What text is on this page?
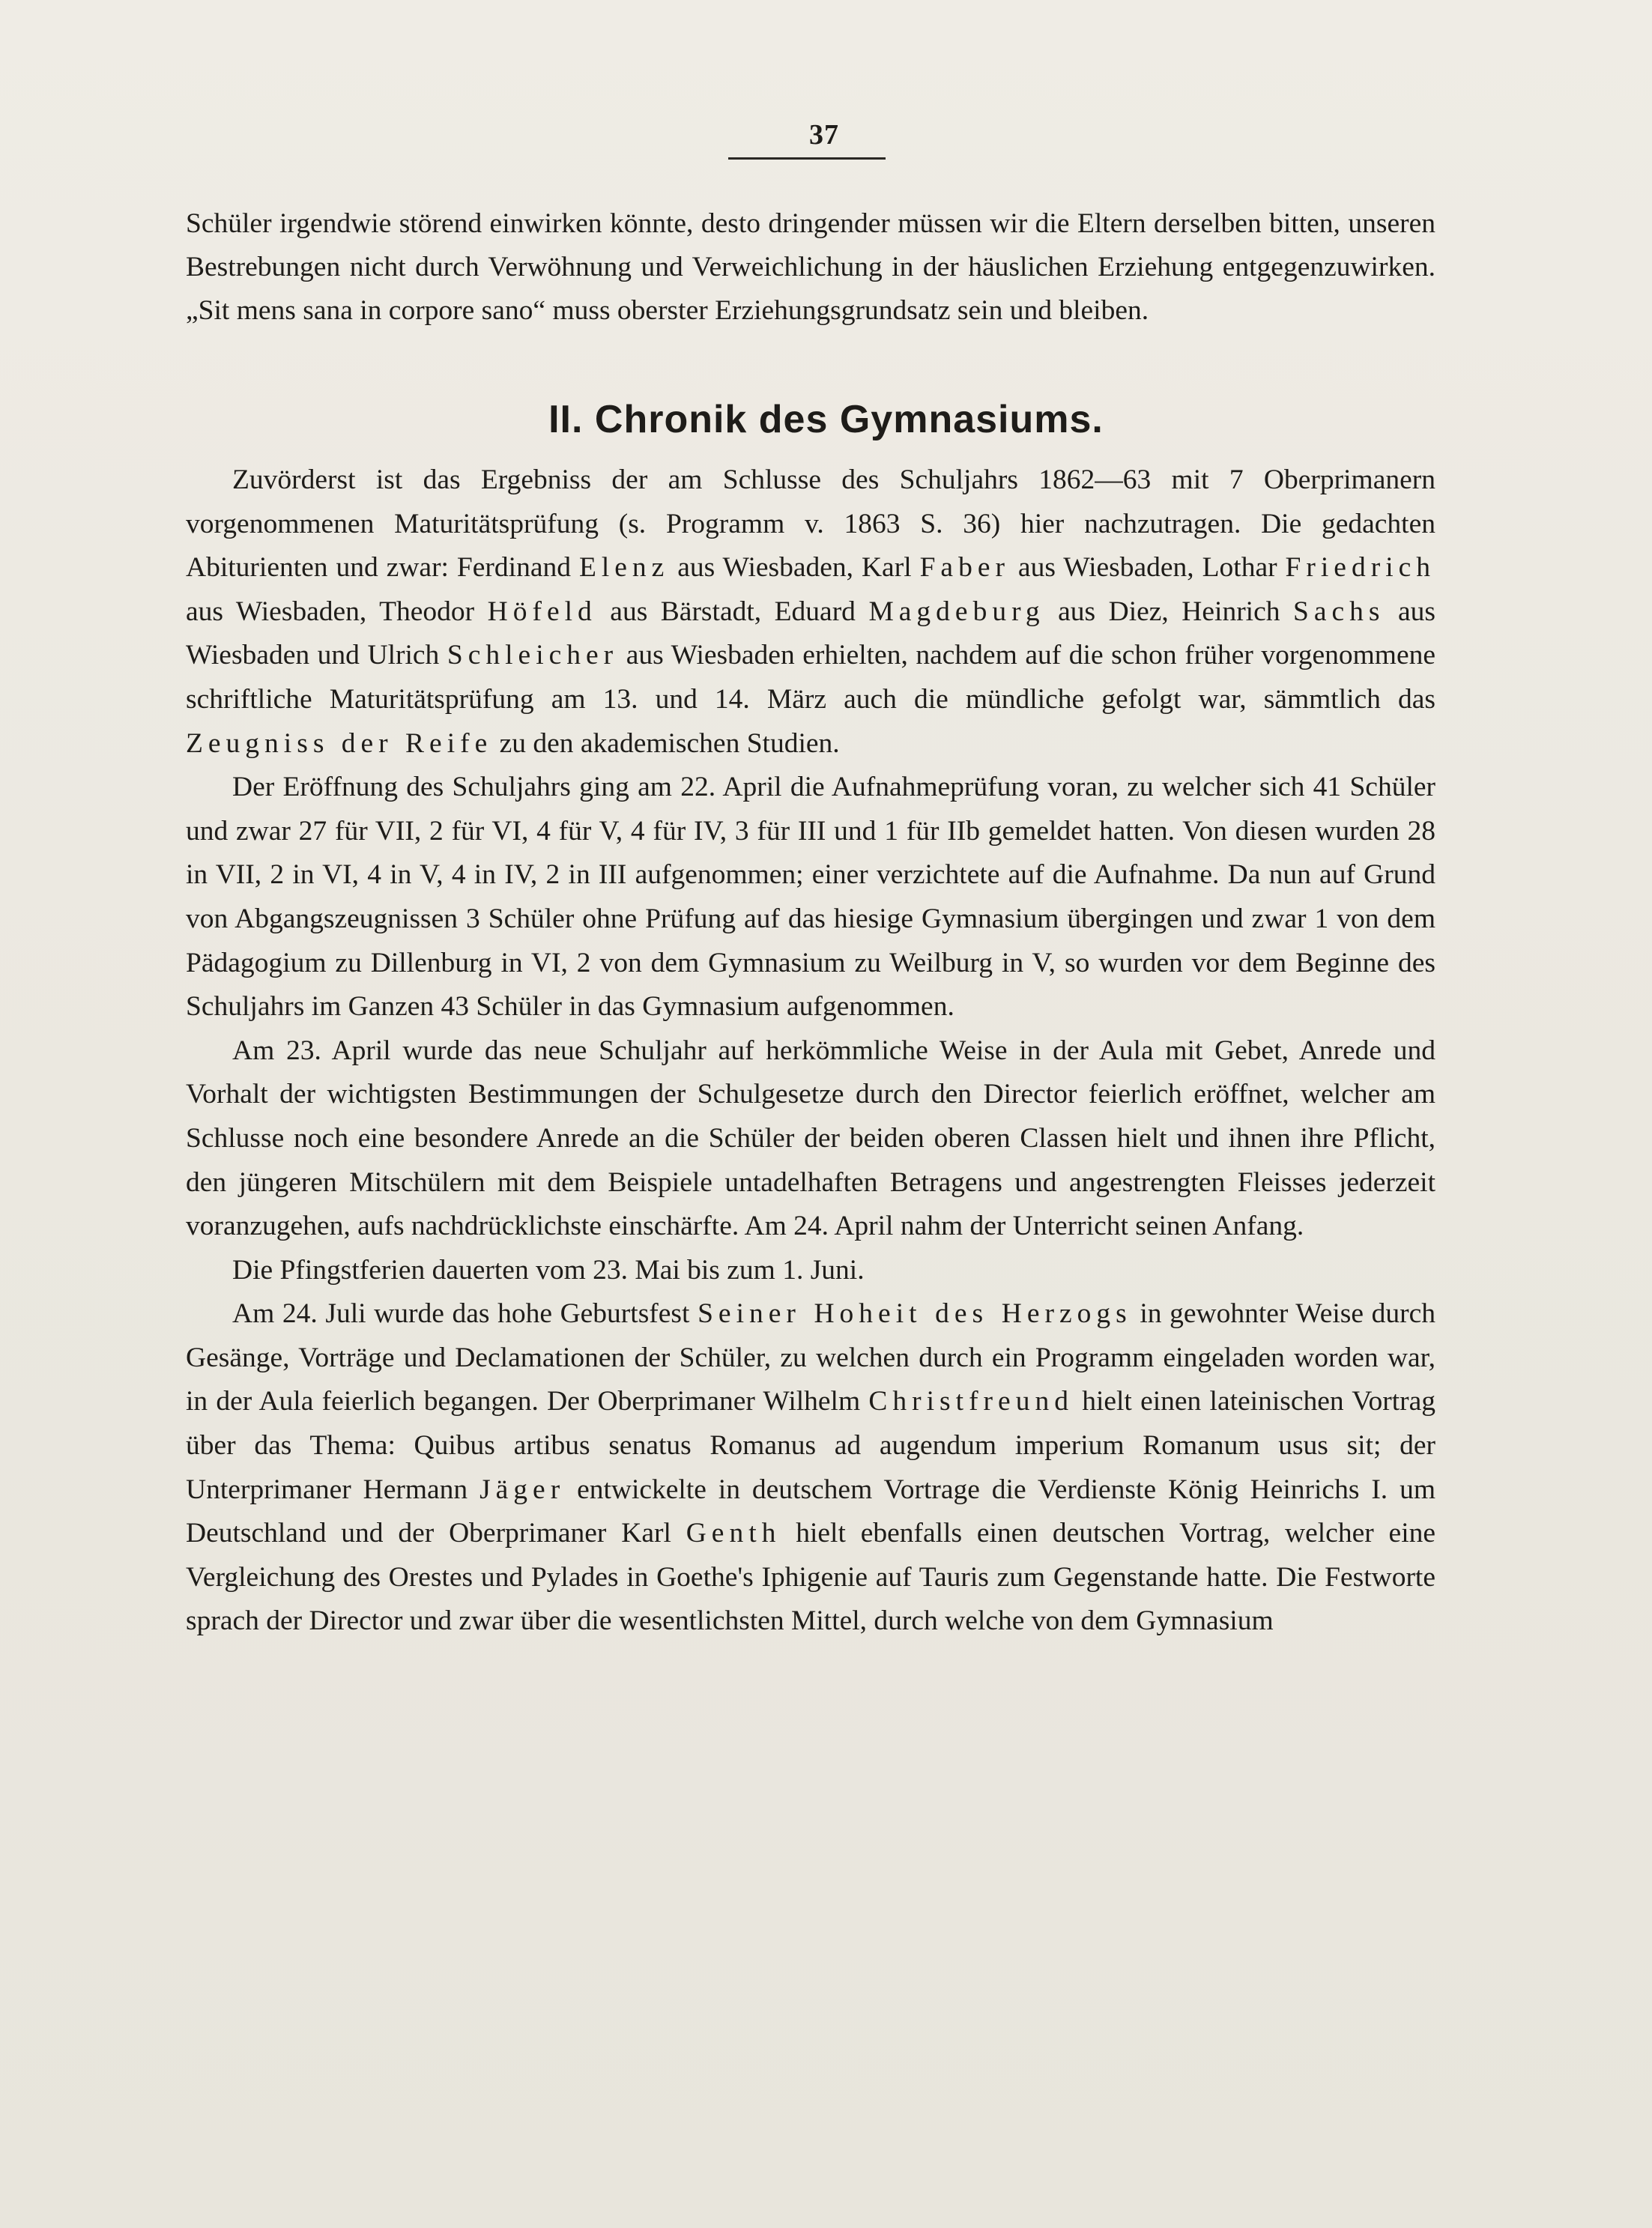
37

Schüler irgendwie störend einwirken könnte, desto dringender müssen wir die Eltern derselben bitten, unseren Bestrebungen nicht durch Verwöhnung und Verweichlichung in der häuslichen Erziehung entgegenzuwirken. „Sit mens sana in corpore sano“ muss oberster Erziehungsgrundsatz sein und bleiben.

II. Chronik des Gymnasiums.

Zuvörderst ist das Ergebniss der am Schlusse des Schuljahrs 1862—63 mit 7 Oberprimanern vorgenommenen Maturitätsprüfung (s. Programm v. 1863 S. 36) hier nachzutragen. Die gedachten Abiturienten und zwar: Ferdinand Elenz aus Wiesbaden, Karl Faber aus Wiesbaden, Lothar Friedrich aus Wiesbaden, Theodor Höfeld aus Bärstadt, Eduard Magdeburg aus Diez, Heinrich Sachs aus Wiesbaden und Ulrich Schleicher aus Wiesbaden erhielten, nachdem auf die schon früher vorgenommene schriftliche Maturitätsprüfung am 13. und 14. März auch die mündliche gefolgt war, sämmtlich das Zeugniss der Reife zu den akademischen Studien.

Der Eröffnung des Schuljahrs ging am 22. April die Aufnahmeprüfung voran, zu welcher sich 41 Schüler und zwar 27 für VII, 2 für VI, 4 für V, 4 für IV, 3 für III und 1 für IIb gemeldet hatten. Von diesen wurden 28 in VII, 2 in VI, 4 in V, 4 in IV, 2 in III aufgenommen; einer verzichtete auf die Aufnahme. Da nun auf Grund von Abgangszeugnissen 3 Schüler ohne Prüfung auf das hiesige Gymnasium übergingen und zwar 1 von dem Pädagogium zu Dillenburg in VI, 2 von dem Gymnasium zu Weilburg in V, so wurden vor dem Beginne des Schuljahrs im Ganzen 43 Schüler in das Gymnasium aufgenommen.

Am 23. April wurde das neue Schuljahr auf herkömmliche Weise in der Aula mit Gebet, Anrede und Vorhalt der wichtigsten Bestimmungen der Schulgesetze durch den Director feierlich eröffnet, welcher am Schlusse noch eine besondere Anrede an die Schüler der beiden oberen Classen hielt und ihnen ihre Pflicht, den jüngeren Mitschülern mit dem Beispiele untadelhaften Betragens und angestrengten Fleisses jederzeit voranzugehen, aufs nachdrücklichste einschärfte. Am 24. April nahm der Unterricht seinen Anfang.

Die Pfingstferien dauerten vom 23. Mai bis zum 1. Juni.

Am 24. Juli wurde das hohe Geburtsfest Seiner Hoheit des Herzogs in gewohnter Weise durch Gesänge, Vorträge und Declamationen der Schüler, zu welchen durch ein Programm eingeladen worden war, in der Aula feierlich begangen. Der Oberprimaner Wilhelm Christfreund hielt einen lateinischen Vortrag über das Thema: Quibus artibus senatus Romanus ad augendum imperium Romanum usus sit; der Unterprimaner Hermann Jäger entwickelte in deutschem Vortrage die Verdienste König Heinrichs I. um Deutschland und der Oberprimaner Karl Genth hielt ebenfalls einen deutschen Vortrag, welcher eine Vergleichung des Orestes und Pylades in Goethe's Iphigenie auf Tauris zum Gegenstande hatte. Die Festworte sprach der Director und zwar über die wesentlichsten Mittel, durch welche von dem Gymnasium
